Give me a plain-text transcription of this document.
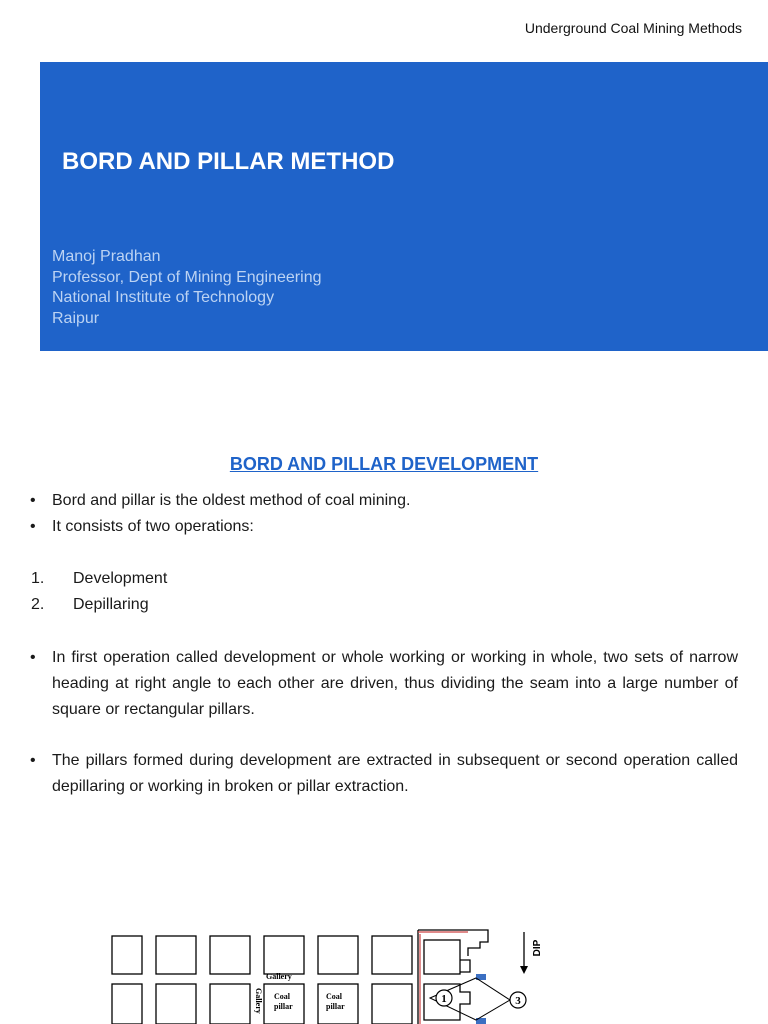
Underground Coal Mining Methods
BORD AND PILLAR METHOD
Manoj Pradhan
Professor, Dept of Mining Engineering
National Institute of Technology
Raipur
BORD AND PILLAR DEVELOPMENT
• Bord and pillar is the oldest method of coal mining.
• It consists of two operations:
1. Development
2. Depillaring
• In first operation called development or whole working or working in whole, two sets of narrow heading at right angle to each other are driven, thus dividing the seam into a large number of square or rectangular pillars.
• The pillars formed during development are extracted in subsequent or second operation called depillaring or working in broken or pillar extraction.
1	3
Gallery
Gallery Coal pillar
Coal pillar
DIP
